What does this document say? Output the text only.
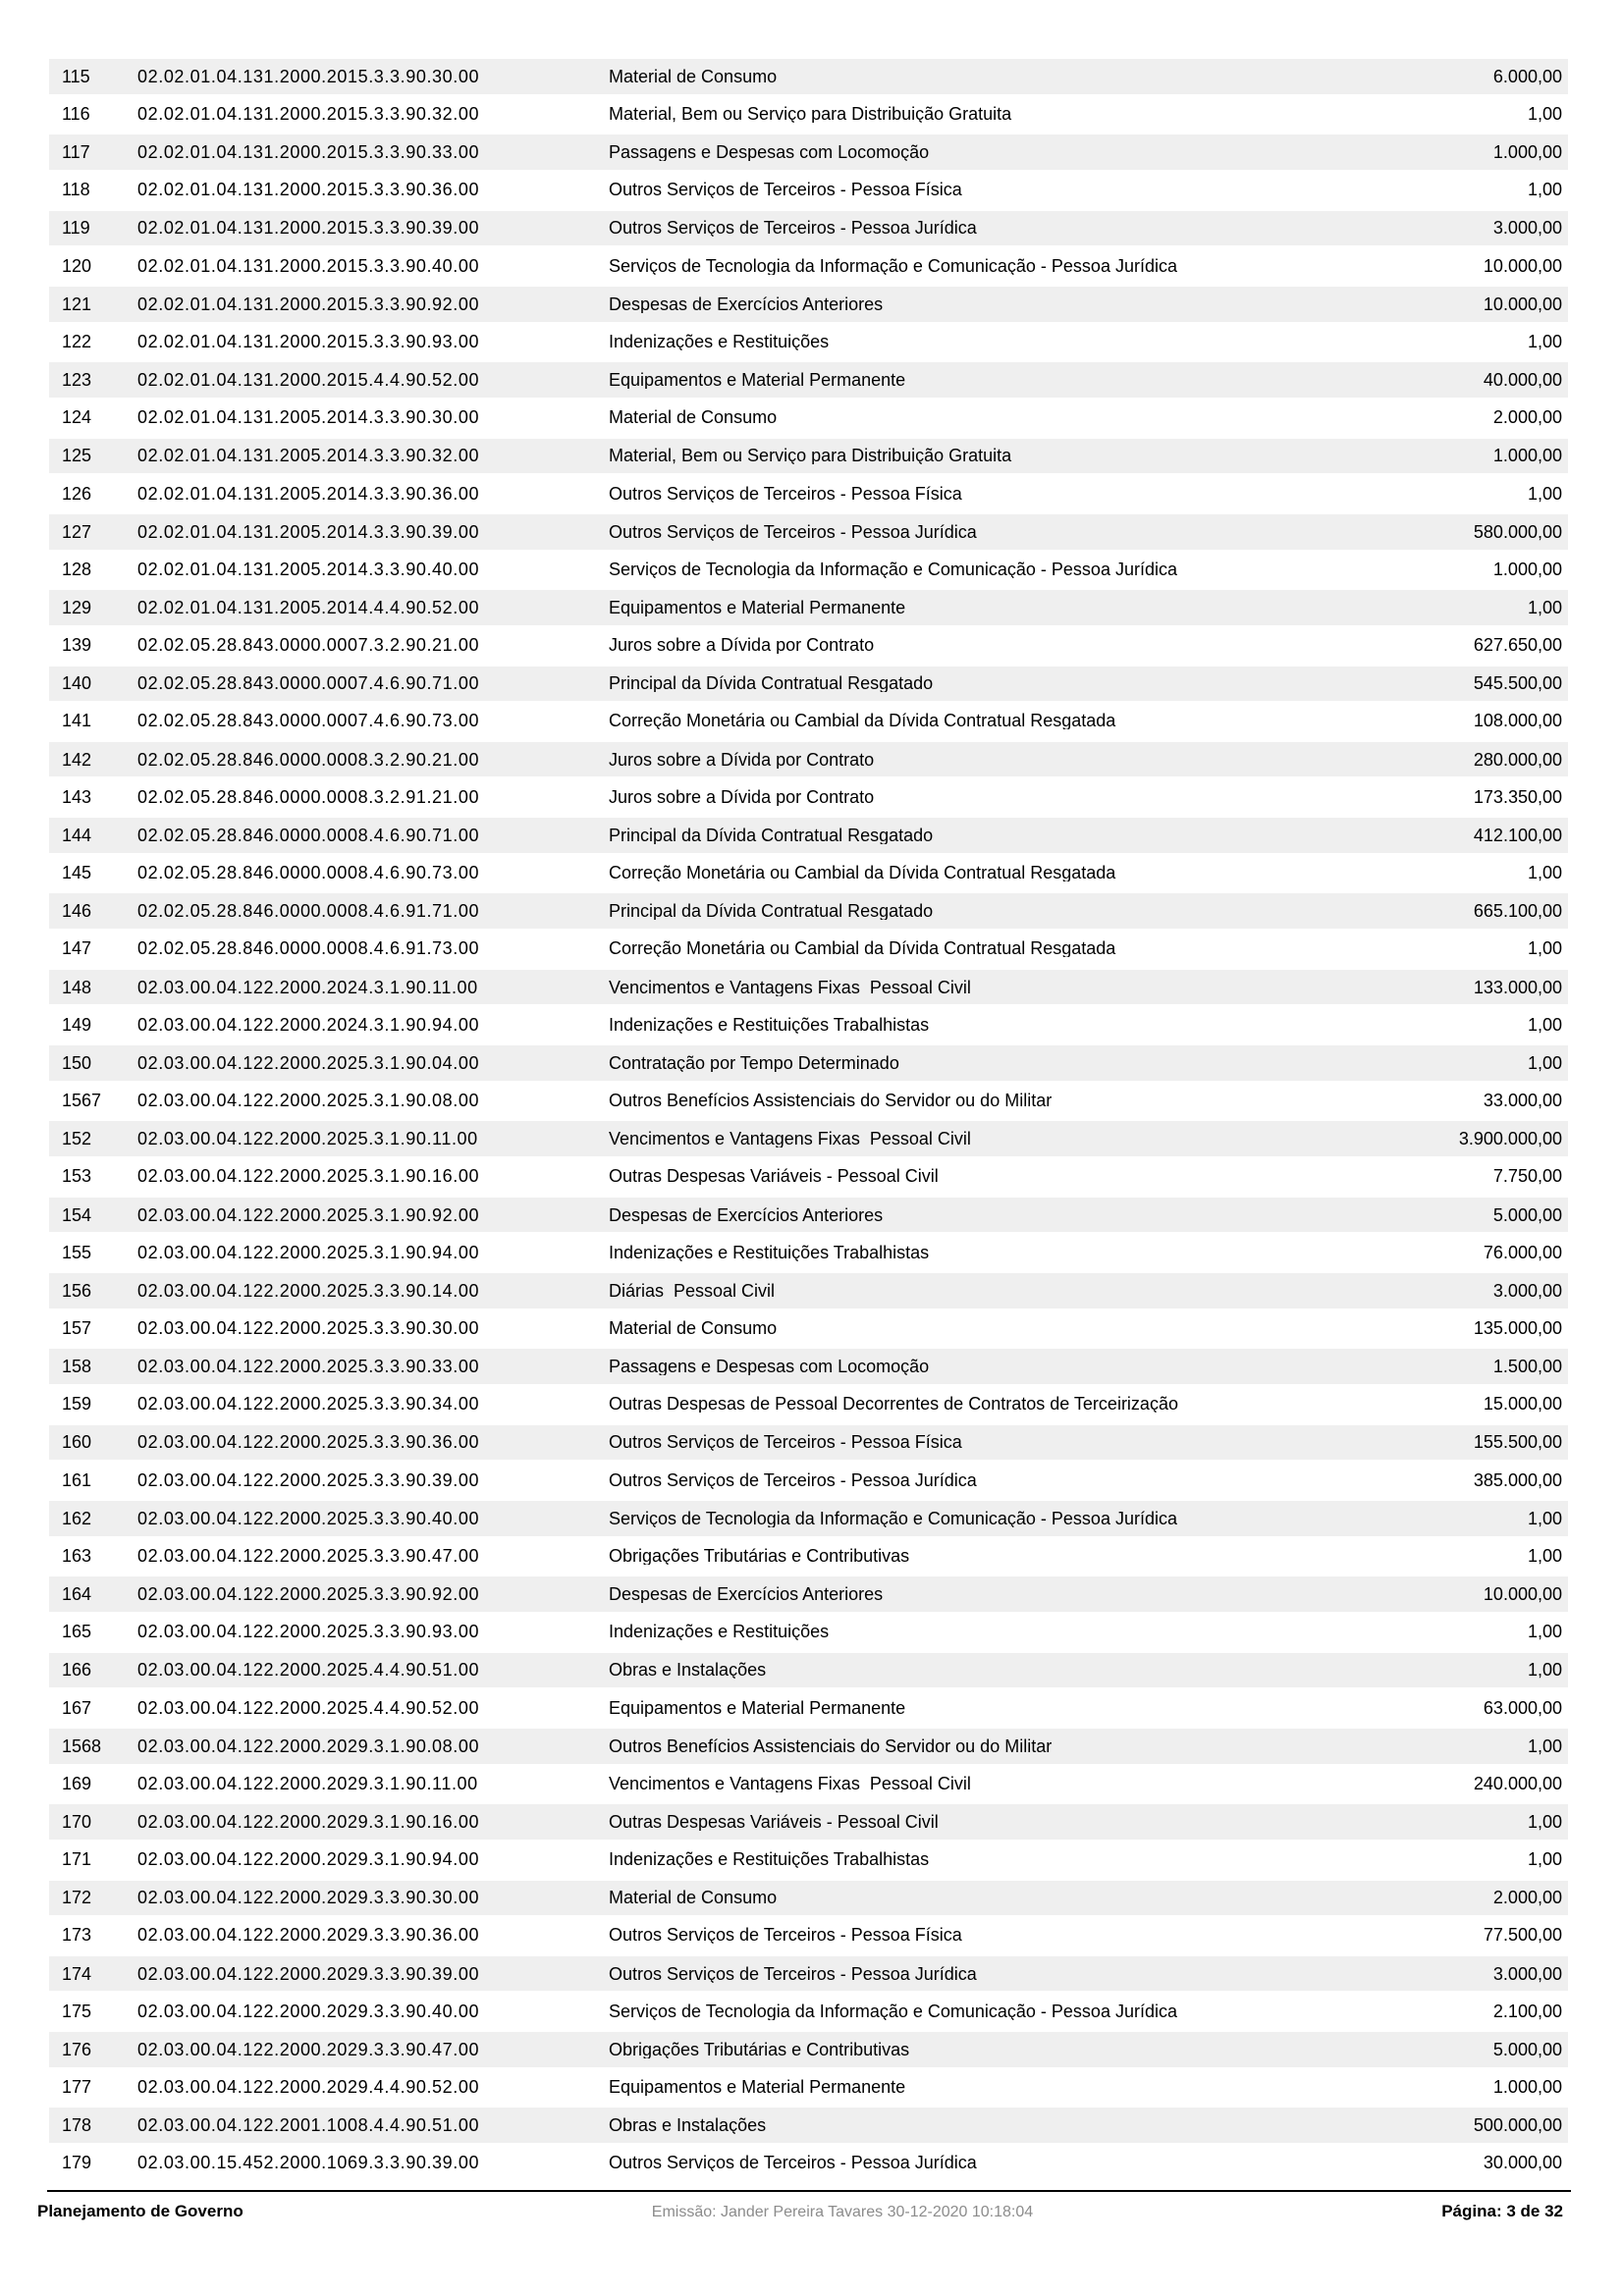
115	02.02.01.04.131.2000.2015.3.3.90.30.00	Material de Consumo	6.000,00
116	02.02.01.04.131.2000.2015.3.3.90.32.00	Material, Bem ou Serviço para Distribuição Gratuita	1,00
117	02.02.01.04.131.2000.2015.3.3.90.33.00	Passagens e Despesas com Locomoção	1.000,00
118	02.02.01.04.131.2000.2015.3.3.90.36.00	Outros Serviços de Terceiros - Pessoa Física	1,00
119	02.02.01.04.131.2000.2015.3.3.90.39.00	Outros Serviços de Terceiros - Pessoa Jurídica	3.000,00
120	02.02.01.04.131.2000.2015.3.3.90.40.00	Serviços de Tecnologia da Informação e Comunicação - Pessoa Jurídica	10.000,00
121	02.02.01.04.131.2000.2015.3.3.90.92.00	Despesas de Exercícios Anteriores	10.000,00
122	02.02.01.04.131.2000.2015.3.3.90.93.00	Indenizações e Restituições	1,00
123	02.02.01.04.131.2000.2015.4.4.90.52.00	Equipamentos e Material Permanente	40.000,00
124	02.02.01.04.131.2005.2014.3.3.90.30.00	Material de Consumo	2.000,00
125	02.02.01.04.131.2005.2014.3.3.90.32.00	Material, Bem ou Serviço para Distribuição Gratuita	1.000,00
126	02.02.01.04.131.2005.2014.3.3.90.36.00	Outros Serviços de Terceiros - Pessoa Física	1,00
127	02.02.01.04.131.2005.2014.3.3.90.39.00	Outros Serviços de Terceiros - Pessoa Jurídica	580.000,00
128	02.02.01.04.131.2005.2014.3.3.90.40.00	Serviços de Tecnologia da Informação e Comunicação - Pessoa Jurídica	1.000,00
129	02.02.01.04.131.2005.2014.4.4.90.52.00	Equipamentos e Material Permanente	1,00
139	02.02.05.28.843.0000.0007.3.2.90.21.00	Juros sobre a Dívida por Contrato	627.650,00
140	02.02.05.28.843.0000.0007.4.6.90.71.00	Principal da Dívida Contratual Resgatado	545.500,00
141	02.02.05.28.843.0000.0007.4.6.90.73.00	Correção Monetária ou Cambial da Dívida Contratual Resgatada	108.000,00
142	02.02.05.28.846.0000.0008.3.2.90.21.00	Juros sobre a Dívida por Contrato	280.000,00
143	02.02.05.28.846.0000.0008.3.2.91.21.00	Juros sobre a Dívida por Contrato	173.350,00
144	02.02.05.28.846.0000.0008.4.6.90.71.00	Principal da Dívida Contratual Resgatado	412.100,00
145	02.02.05.28.846.0000.0008.4.6.90.73.00	Correção Monetária ou Cambial da Dívida Contratual Resgatada	1,00
146	02.02.05.28.846.0000.0008.4.6.91.71.00	Principal da Dívida Contratual Resgatado	665.100,00
147	02.02.05.28.846.0000.0008.4.6.91.73.00	Correção Monetária ou Cambial da Dívida Contratual Resgatada	1,00
148	02.03.00.04.122.2000.2024.3.1.90.11.00	Vencimentos e Vantagens Fixas  Pessoal Civil	133.000,00
149	02.03.00.04.122.2000.2024.3.1.90.94.00	Indenizações e Restituições Trabalhistas	1,00
150	02.03.00.04.122.2000.2025.3.1.90.04.00	Contratação por Tempo Determinado	1,00
1567	02.03.00.04.122.2000.2025.3.1.90.08.00	Outros Benefícios Assistenciais do Servidor ou do Militar	33.000,00
152	02.03.00.04.122.2000.2025.3.1.90.11.00	Vencimentos e Vantagens Fixas  Pessoal Civil	3.900.000,00
153	02.03.00.04.122.2000.2025.3.1.90.16.00	Outras Despesas Variáveis - Pessoal Civil	7.750,00
154	02.03.00.04.122.2000.2025.3.1.90.92.00	Despesas de Exercícios Anteriores	5.000,00
155	02.03.00.04.122.2000.2025.3.1.90.94.00	Indenizações e Restituições Trabalhistas	76.000,00
156	02.03.00.04.122.2000.2025.3.3.90.14.00	Diárias  Pessoal Civil	3.000,00
157	02.03.00.04.122.2000.2025.3.3.90.30.00	Material de Consumo	135.000,00
158	02.03.00.04.122.2000.2025.3.3.90.33.00	Passagens e Despesas com Locomoção	1.500,00
159	02.03.00.04.122.2000.2025.3.3.90.34.00	Outras Despesas de Pessoal Decorrentes de Contratos de Terceirização	15.000,00
160	02.03.00.04.122.2000.2025.3.3.90.36.00	Outros Serviços de Terceiros - Pessoa Física	155.500,00
161	02.03.00.04.122.2000.2025.3.3.90.39.00	Outros Serviços de Terceiros - Pessoa Jurídica	385.000,00
162	02.03.00.04.122.2000.2025.3.3.90.40.00	Serviços de Tecnologia da Informação e Comunicação - Pessoa Jurídica	1,00
163	02.03.00.04.122.2000.2025.3.3.90.47.00	Obrigações Tributárias e Contributivas	1,00
164	02.03.00.04.122.2000.2025.3.3.90.92.00	Despesas de Exercícios Anteriores	10.000,00
165	02.03.00.04.122.2000.2025.3.3.90.93.00	Indenizações e Restituições	1,00
166	02.03.00.04.122.2000.2025.4.4.90.51.00	Obras e Instalações	1,00
167	02.03.00.04.122.2000.2025.4.4.90.52.00	Equipamentos e Material Permanente	63.000,00
1568	02.03.00.04.122.2000.2029.3.1.90.08.00	Outros Benefícios Assistenciais do Servidor ou do Militar	1,00
169	02.03.00.04.122.2000.2029.3.1.90.11.00	Vencimentos e Vantagens Fixas  Pessoal Civil	240.000,00
170	02.03.00.04.122.2000.2029.3.1.90.16.00	Outras Despesas Variáveis - Pessoal Civil	1,00
171	02.03.00.04.122.2000.2029.3.1.90.94.00	Indenizações e Restituições Trabalhistas	1,00
172	02.03.00.04.122.2000.2029.3.3.90.30.00	Material de Consumo	2.000,00
173	02.03.00.04.122.2000.2029.3.3.90.36.00	Outros Serviços de Terceiros - Pessoa Física	77.500,00
174	02.03.00.04.122.2000.2029.3.3.90.39.00	Outros Serviços de Terceiros - Pessoa Jurídica	3.000,00
175	02.03.00.04.122.2000.2029.3.3.90.40.00	Serviços de Tecnologia da Informação e Comunicação - Pessoa Jurídica	2.100,00
176	02.03.00.04.122.2000.2029.3.3.90.47.00	Obrigações Tributárias e Contributivas	5.000,00
177	02.03.00.04.122.2000.2029.4.4.90.52.00	Equipamentos e Material Permanente	1.000,00
178	02.03.00.04.122.2001.1008.4.4.90.51.00	Obras e Instalações	500.000,00
179	02.03.00.15.452.2000.1069.3.3.90.39.00	Outros Serviços de Terceiros - Pessoa Jurídica	30.000,00
Planejamento de Governo	Emissão: Jander Pereira Tavares 30-12-2020 10:18:04	Página: 3 de 32
